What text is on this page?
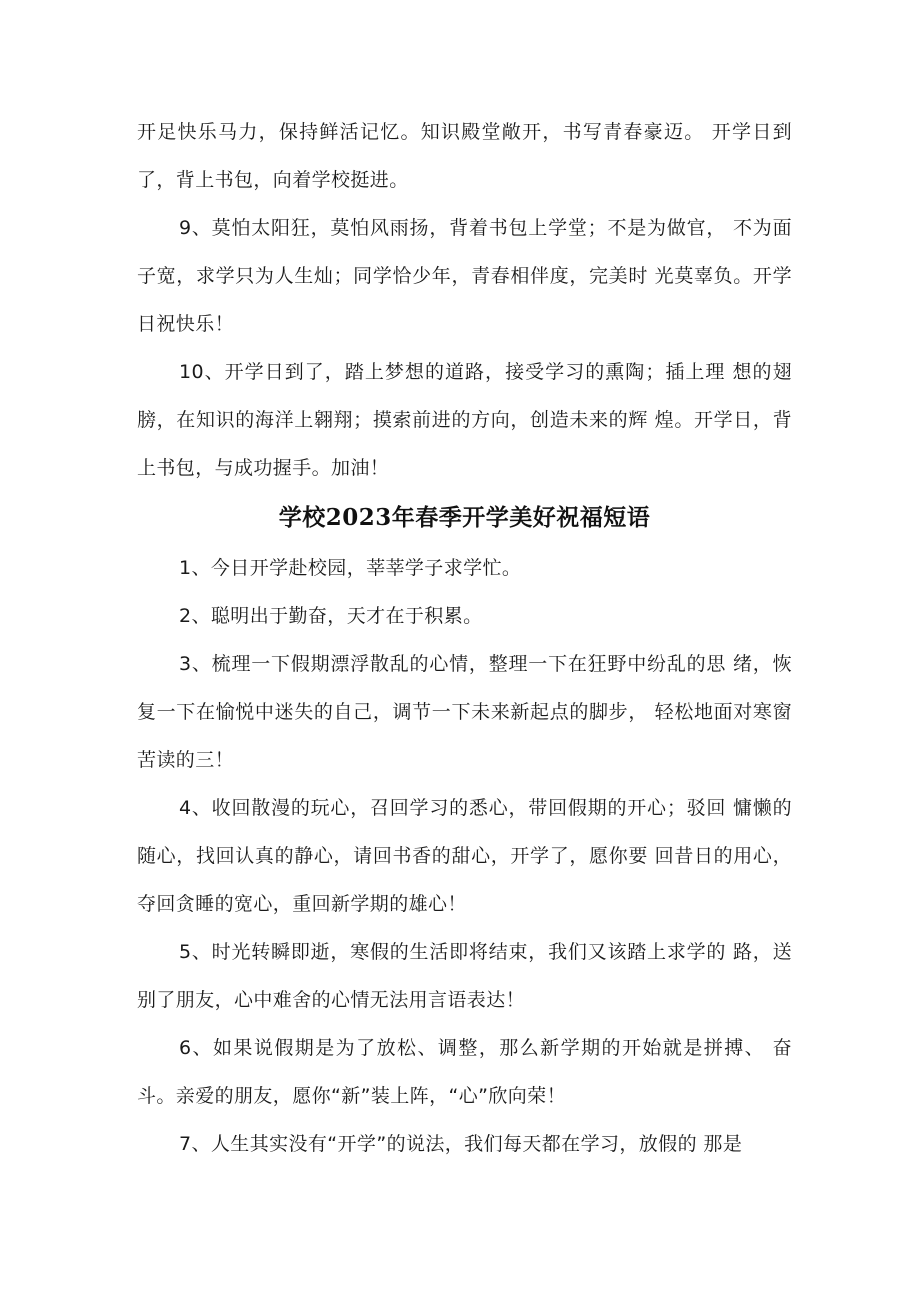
开足快乐马力，保持鲜活记忆。知识殿堂敞开，书写青春豪迈。 开学日到了，背上书包，向着学校挺进。

9、莫怕太阳狂，莫怕风雨扬，背着书包上学堂；不是为做官， 不为面子宽，求学只为人生灿；同学恰少年，青春相伴度，完美时 光莫辜负。开学日祝快乐！

10、开学日到了，踏上梦想的道路，接受学习的熏陶；插上理 想的翅膀，在知识的海洋上翱翔；摸索前进的方向，创造未来的辉 煌。开学日，背上书包，与成功握手。加油！

学校2023年春季开学美好祝福短语

1、今日开学赴校园，莘莘学子求学忙。

2、聪明出于勤奋，天才在于积累。

3、梳理一下假期漂浮散乱的心情，整理一下在狂野中纷乱的思 绪，恢复一下在愉悦中迷失的自己，调节一下未来新起点的脚步， 轻松地面对寒窗苦读的三！

4、收回散漫的玩心，召回学习的悉心，带回假期的开心；驳回 慵懒的随心，找回认真的静心，请回书香的甜心，开学了，愿你要 回昔日的用心，夺回贪睡的宽心，重回新学期的雄心！

5、时光转瞬即逝，寒假的生活即将结束，我们又该踏上求学的 路，送别了朋友，心中难舍的心情无法用言语表达！

6、如果说假期是为了放松、调整，那么新学期的开始就是拼搏、 奋斗。亲爱的朋友，愿你“新”装上阵，“心”欣向荣！

7、人生其实没有“开学”的说法，我们每天都在学习，放假的 那是
